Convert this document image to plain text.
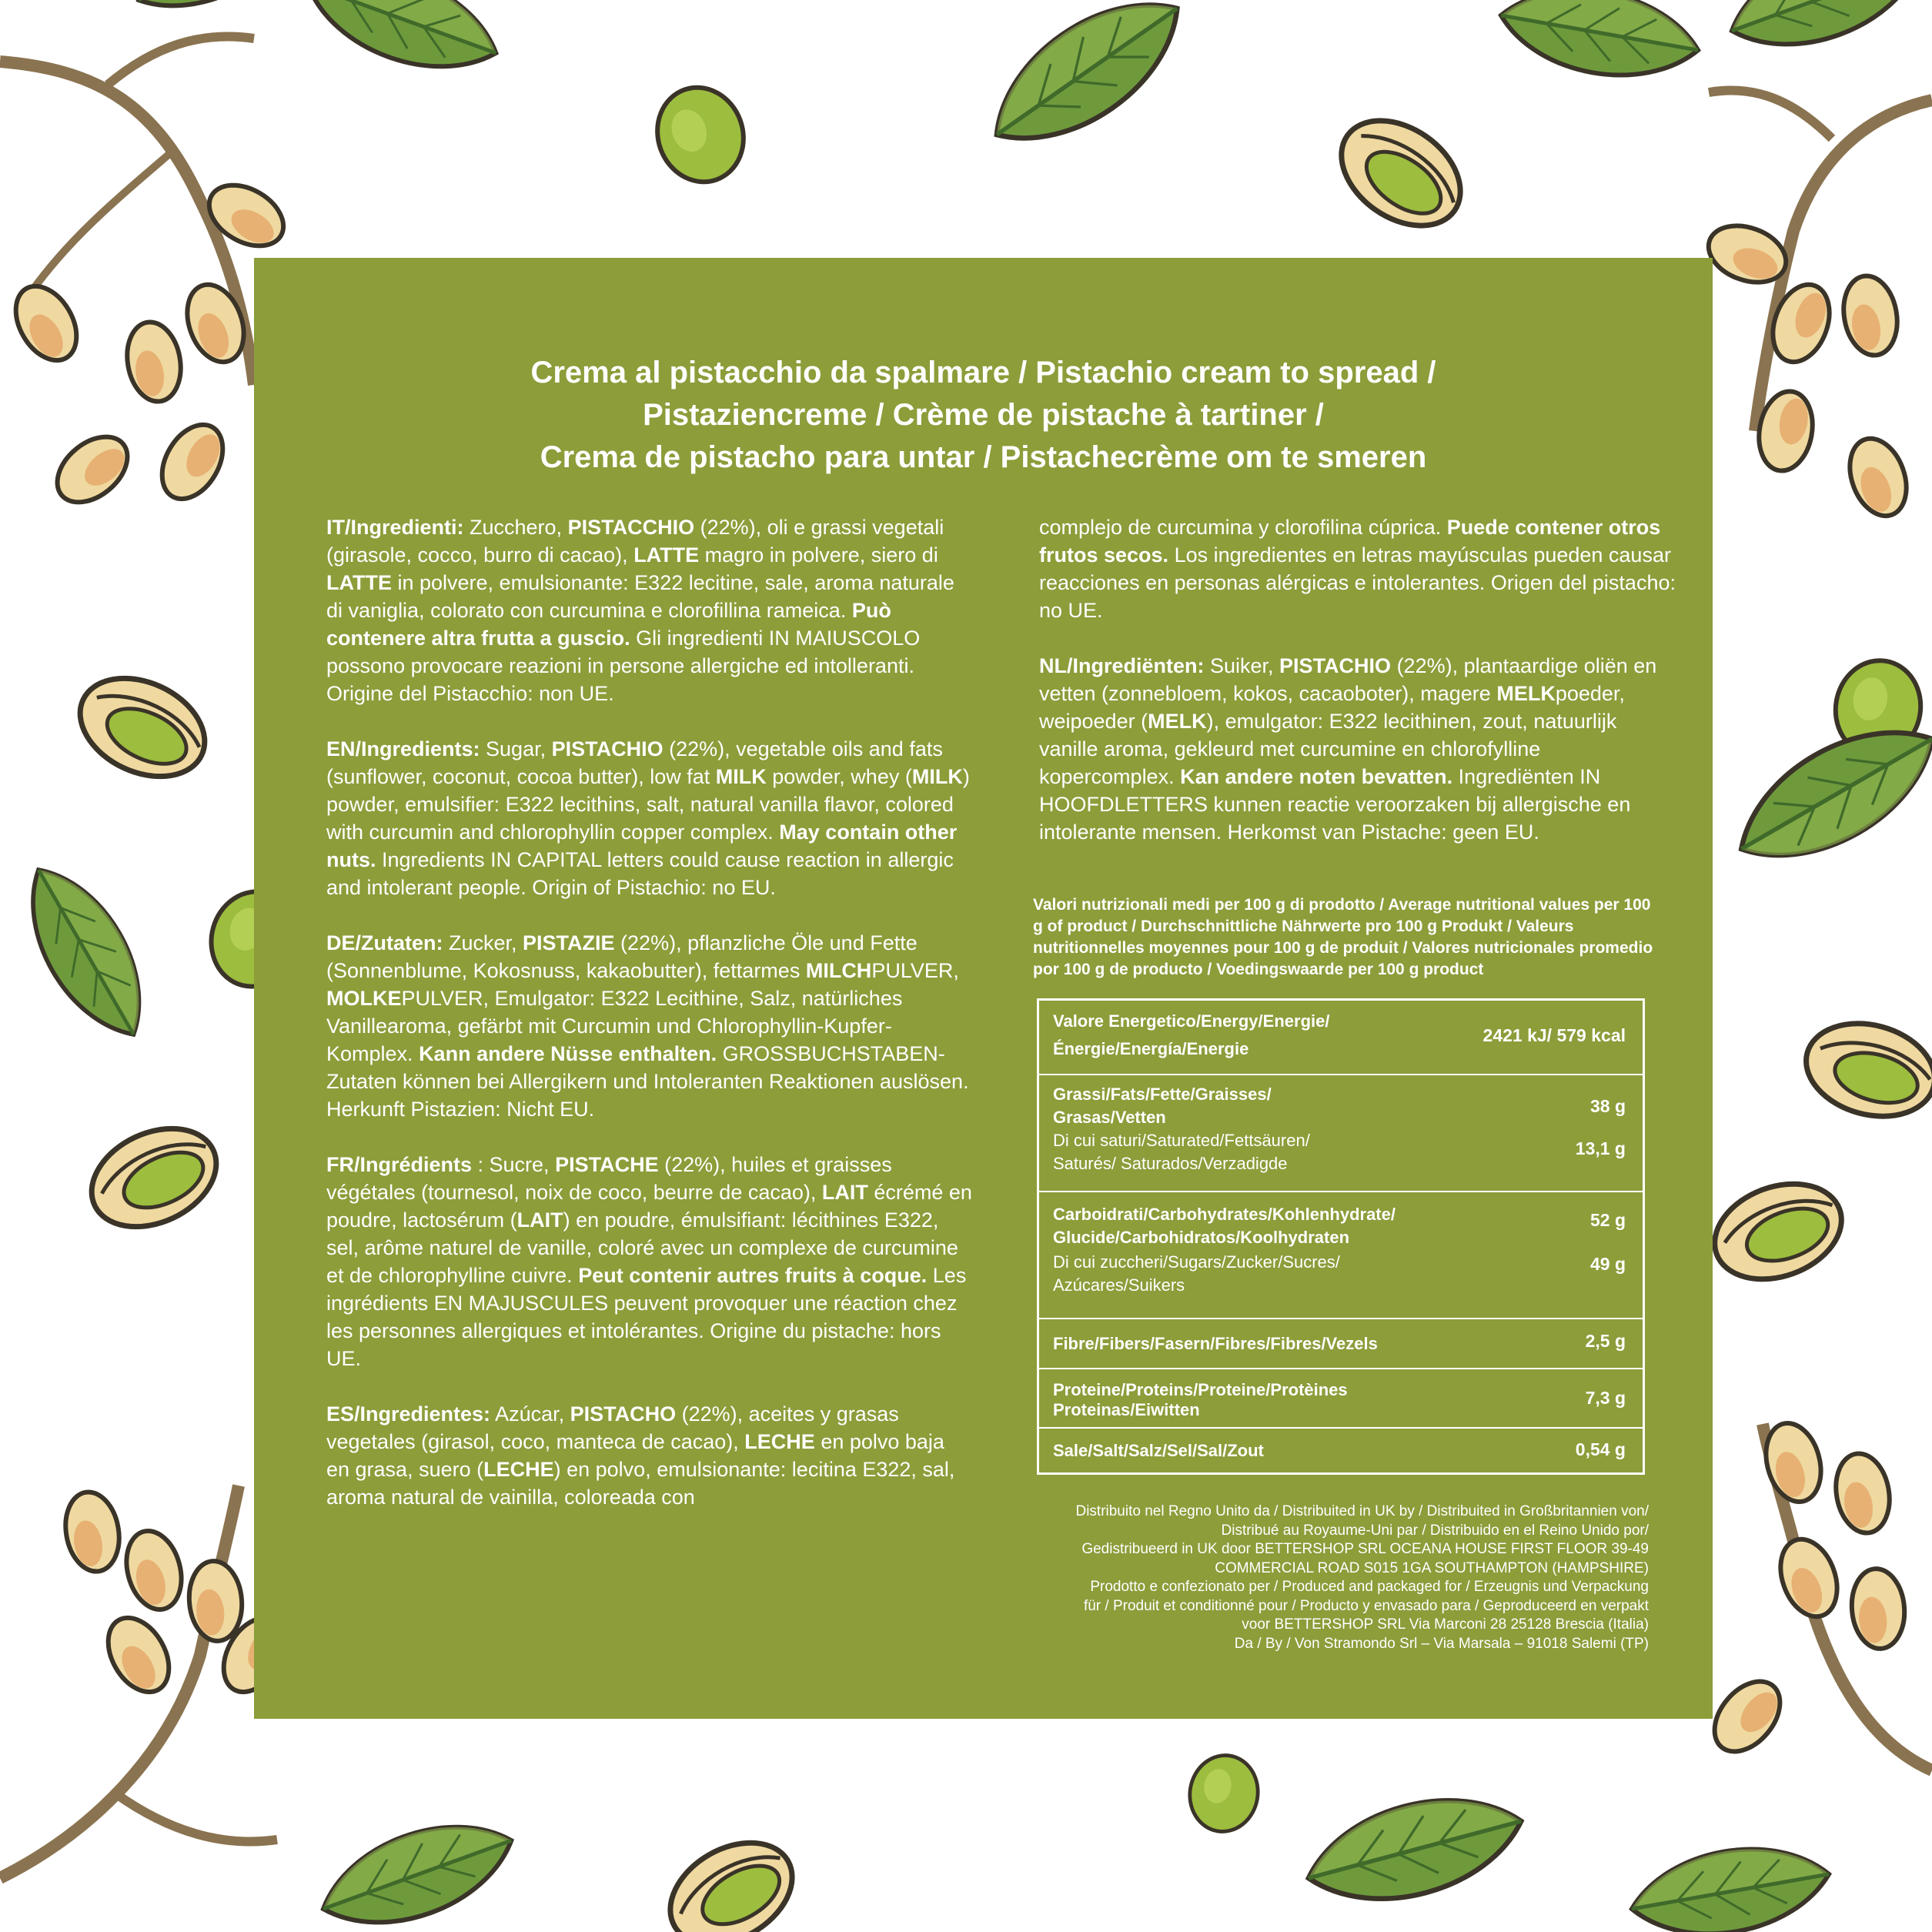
Crema al pistacchio da spalmare / Pistachio cream to spread /
Pistaziencreme / Crème de pistache à tartiner /
Crema de pistacho para untar / Pistachecrème om te smeren
IT/Ingredienti: Zucchero, PISTACCHIO (22%), oli e grassi vegetali (girasole, cocco, burro di cacao), LATTE magro in polvere, siero di LATTE in polvere, emulsionante: E322 lecitine, sale, aroma naturale di vaniglia, colorato con curcumina e clorofillina rameica. Può contenere altra frutta a guscio. Gli ingredienti IN MAIUSCOLO possono provocare reazioni in persone allergiche ed intolleranti. Origine del Pistacchio: non UE.
EN/Ingredients: Sugar, PISTACHIO (22%), vegetable oils and fats (sunflower, coconut, cocoa butter), low fat MILK powder, whey (MILK) powder, emulsifier: E322 lecithins, salt, natural vanilla flavor, colored with curcumin and chlorophyllin copper complex. May contain other nuts. Ingredients IN CAPITAL letters could cause reaction in allergic and intolerant people. Origin of Pistachio: no EU.
DE/Zutaten: Zucker, PISTAZIE (22%), pflanzliche Öle und Fette (Sonnenblume, Kokosnuss, kakaobutter), fettarmes MILCHPULVER, MOLKEPULVER, Emulgator: E322 Lecithine, Salz, natürliches Vanillearoma, gefärbt mit Curcumin und Chlorophyllin-Kupfer-Komplex. Kann andere Nüsse enthalten. GROSSBUCHSTABEN-Zutaten können bei Allergikern und Intoleranten Reaktionen auslösen. Herkunft Pistazien: Nicht EU.
FR/Ingrédients : Sucre, PISTACHE (22%), huiles et graisses végétales (tournesol, noix de coco, beurre de cacao), LAIT écrémé en poudre, lactosérum (LAIT) en poudre, émulsifiant: lécithines E322, sel, arôme naturel de vanille, coloré avec un complexe de curcumine et de chlorophylline cuivre. Peut contenir autres fruits à coque. Les ingrédients EN MAJUSCULES peuvent provoquer une réaction chez les personnes allergiques et intolérantes. Origine du pistache: hors UE.
ES/Ingredientes: Azúcar, PISTACHO (22%), aceites y grasas vegetales (girasol, coco, manteca de cacao), LECHE en polvo baja en grasa, suero (LECHE) en polvo, emulsionante: lecitina E322, sal, aroma natural de vainilla, coloreada con
complejo de curcumina y clorofilina cúprica. Puede contener otros frutos secos. Los ingredientes en letras mayúsculas pueden causar reacciones en personas alérgicas e intolerantes. Origen del pistacho: no UE.
NL/Ingrediënten: Suiker, PISTACHIO (22%), plantaardige oliën en vetten (zonnebloem, kokos, cacaoboter), magere MELKpoeder, weipoeder (MELK), emulgator: E322 lecithinen, zout, natuurlijk vanille aroma, gekleurd met curcumine en chlorofylline kopercomplex. Kan andere noten bevatten. Ingrediënten IN HOOFDLETTERS kunnen reactie veroorzaken bij allergische en intolerante mensen. Herkomst van Pistache: geen EU.
Valori nutrizionali medi per 100 g di prodotto / Average nutritional values per 100 g of product / Durchschnittliche Nährwerte pro 100 g Produkt / Valeurs nutritionnelles moyennes pour 100 g de produit / Valores nutricionales promedio por 100 g de producto / Voedingswaarde per 100 g product
Valore Energetico/Energy/Energie/
Énergie/Energía/Energie
2421 kJ/ 579 kcal
Grassi/Fats/Fette/Graisses/
Grasas/Vetten
Di cui saturi/Saturated/Fettsäuren/
Saturés/ Saturados/Verzadigde
38 g
13,1 g
Carboidrati/Carbohydrates/Kohlenhydrate/
Glucide/Carbohidratos/Koolhydraten
Di cui zuccheri/Sugars/Zucker/Sucres/
Azúcares/Suikers
52 g
49 g
Fibre/Fibers/Fasern/Fibres/Fibres/Vezels	2,5 g
Proteine/Proteins/Proteine/Protèines
Proteinas/Eiwitten
7,3 g
Sale/Salt/Salz/Sel/Sal/Zout	0,54 g
Distribuito nel Regno Unito da / Distribuited in UK by / Distribuited in Großbritannien von/
Distribué au Royaume-Uni par / Distribuido en el Reino Unido por/
Gedistribueerd in UK door BETTERSHOP SRL OCEANA HOUSE FIRST FLOOR 39-49
COMMERCIAL ROAD S015 1GA SOUTHAMPTON (HAMPSHIRE)
Prodotto e confezionato per / Produced and packaged for / Erzeugnis und Verpackung
für / Produit et conditionné pour / Producto y envasado para / Geproduceerd en verpakt
voor BETTERSHOP SRL Via Marconi 28 25128 Brescia (Italia)
Da / By / Von Stramondo Srl – Via Marsala – 91018 Salemi (TP)
